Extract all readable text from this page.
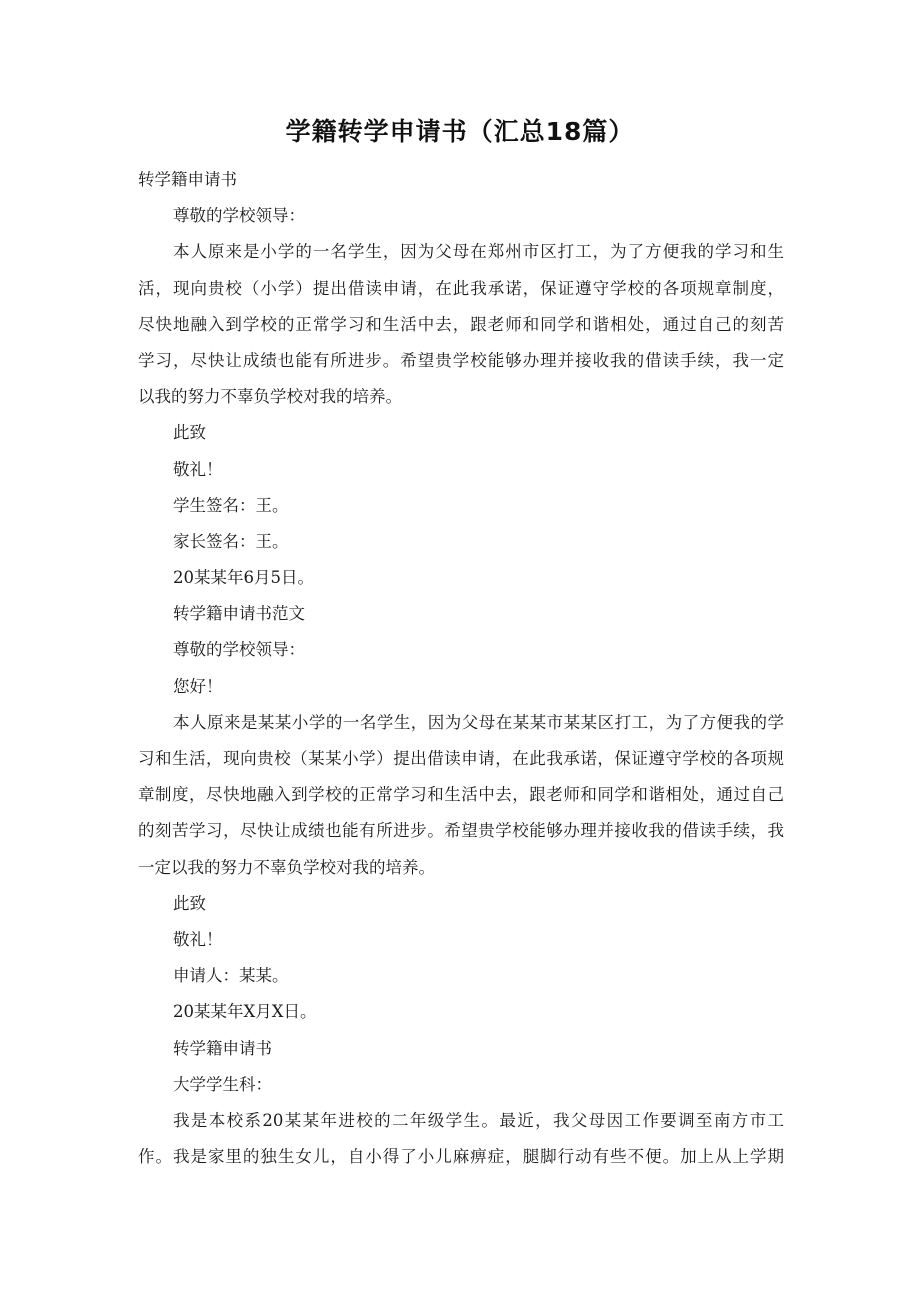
学籍转学申请书（汇总18篇）
转学籍申请书
尊敬的学校领导：
本人原来是小学的一名学生，因为父母在郑州市区打工，为了方便我的学习和生
活，现向贵校（小学）提出借读申请，在此我承诺，保证遵守学校的各项规章制度，
尽快地融入到学校的正常学习和生活中去，跟老师和同学和谐相处，通过自己的刻苦
学习，尽快让成绩也能有所进步。希望贵学校能够办理并接收我的借读手续，我一定
以我的努力不辜负学校对我的培养。
此致
敬礼！
学生签名：王。
家长签名：王。
20某某年6月5日。
转学籍申请书范文
尊敬的学校领导：
您好！
本人原来是某某小学的一名学生，因为父母在某某市某某区打工，为了方便我的学
习和生活，现向贵校（某某小学）提出借读申请，在此我承诺，保证遵守学校的各项规
章制度，尽快地融入到学校的正常学习和生活中去，跟老师和同学和谐相处，通过自己
的刻苦学习，尽快让成绩也能有所进步。希望贵学校能够办理并接收我的借读手续，我
一定以我的努力不辜负学校对我的培养。
此致
敬礼！
申请人：某某。
20某某年X月X日。
转学籍申请书
大学学生科：
我是本校系20某某年进校的二年级学生。最近，我父母因工作要调至南方市工
作。我是家里的独生女儿，自小得了小儿麻痹症，腿脚行动有些不便。加上从上学期
